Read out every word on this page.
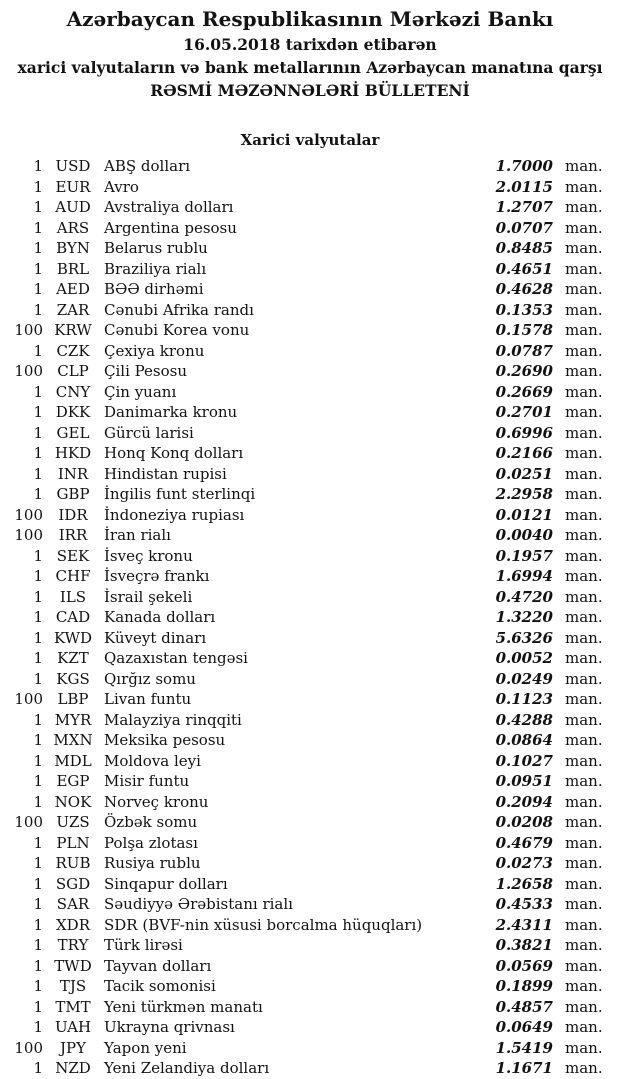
Azərbaycan Respublikasının Mərkəzi Bankı
16.05.2018 tarixdən etibarən
xarici valyutaların və bank metallarının Azərbaycan manatına qarşı
RƏSMİ MƏZƏNNƏLƏRİ BÜLLETENİ
Xarici valyutalar
1 USD ABŞ dolları	1.7000 man.
1 EUR Avro	2.0115 man.
1 AUD Avstraliya dolları	1.2707 man.
1 ARS Argentina pesosu	0.0707 man.
1 BYN Belarus rublu	0.8485 man.
1 BRL Braziliya rialı	0.4651 man.
1 AED BƏƏ dirhəmi	0.4628 man.
1 ZAR Cənubi Afrika randı	0.1353 man.
100 KRW Cənubi Korea vonu	0.1578 man.
1 CZK Çexiya kronu	0.0787 man.
100 CLP	Çili Pesosu	0.2690 man.
1 CNY Çin yuanı	0.2669 man.
1 DKK Danimarka kronu	0.2701 man.
1 GEL Gürcü larisi	0.6996 man.
1 HKD Honq Konq dolları	0.2166 man.
1 INR	Hindistan rupisi	0.0251 man.
1 GBP İngilis funt sterlinqi	2.2958 man.
100	IDR	İndoneziya rupiası	0.0121 man.
100	IRR	İran rialı	0.0040 man.
1 SEK İsveç kronu	0.1957 man.
1 CHF İsveçrə frankı	1.6994 man.
1	ILS	İsrail şekeli	0.4720 man.
1 CAD Kanada dolları	1.3220 man.
1 KWD Küveyt dinarı	5.6326 man.
1 KZT	Qazaxıstan tengəsi	0.0052 man.
1 KGS Qırğız somu	0.0249 man.
100 LBP	Livan funtu	0.1123 man.
1 MYR Malayziya rinqqiti	0.4288 man.
1 MXN Meksika pesosu	0.0864 man.
1 MDL Moldova leyi	0.1027 man.
1 EGP Misir funtu	0.0951 man.
1 NOK Norveç kronu	0.2094 man.
100 UZS Özbək somu	0.0208 man.
1 PLN Polşa zlotası	0.4679 man.
1 RUB Rusiya rublu	0.0273 man.
1 SGD Sinqapur dolları	1.2658 man.
1 SAR Səudiyyə Ərəbistanı rialı	0.4533 man.
1 XDR SDR (BVF-nin xüsusi borcalma hüquqları)	2.4311 man.
1 TRY	Türk lirəsi	0.3821 man.
1 TWD Tayvan dolları	0.0569 man.
1	TJS	Tacik somonisi	0.1899 man.
1 TMT Yeni türkmən manatı	0.4857 man.
1 UAH Ukrayna qrivnası	0.0649 man.
100	JPY	Yapon yeni	1.5419 man.
1 NZD Yeni Zelandiya dolları	1.1671 man.
